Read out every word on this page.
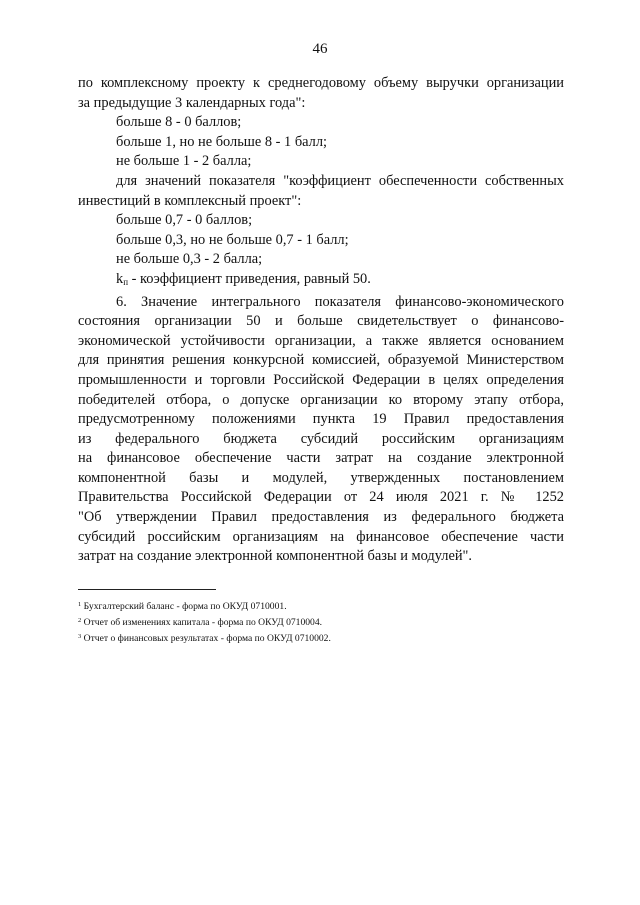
46
по комплексному проекту к среднегодовому объему выручки организации
за предыдущие 3 календарных года":
больше 8 - 0 баллов;
больше 1, но не больше 8 - 1 балл;
не больше 1 - 2 балла;
для значений показателя "коэффициент обеспеченности собственных
инвестиций в комплексный проект":
больше 0,7 - 0 баллов;
больше 0,3, но не больше 0,7 - 1 балл;
не больше 0,3 - 2 балла;
$k_п$ - коэффициент приведения, равный 50.
6. Значение интегрального показателя финансово-экономического
состояния организации 50 и больше свидетельствует о финансово-
экономической устойчивости организации, а также является основанием
для принятия решения конкурсной комиссией, образуемой Министерством
промышленности и торговли Российской Федерации в целях определения
победителей отбора, о допуске организации ко второму этапу отбора,
предусмотренному положениями пункта 19 Правил предоставления
из федерального бюджета субсидий российским организациям
на финансовое обеспечение части затрат на создание электронной
компонентной базы и модулей, утвержденных постановлением
Правительства Российской Федерации от 24 июля 2021 г. № 1252
"Об утверждении Правил предоставления из федерального бюджета
субсидий российским организациям на финансовое обеспечение части
затрат на создание электронной компонентной базы и модулей".
$^1$ Бухгалтерский баланс - форма по ОКУД 0710001.
$^2$ Отчет об изменениях капитала - форма по ОКУД 0710004.
$^3$ Отчет о финансовых результатах - форма по ОКУД 0710002.
